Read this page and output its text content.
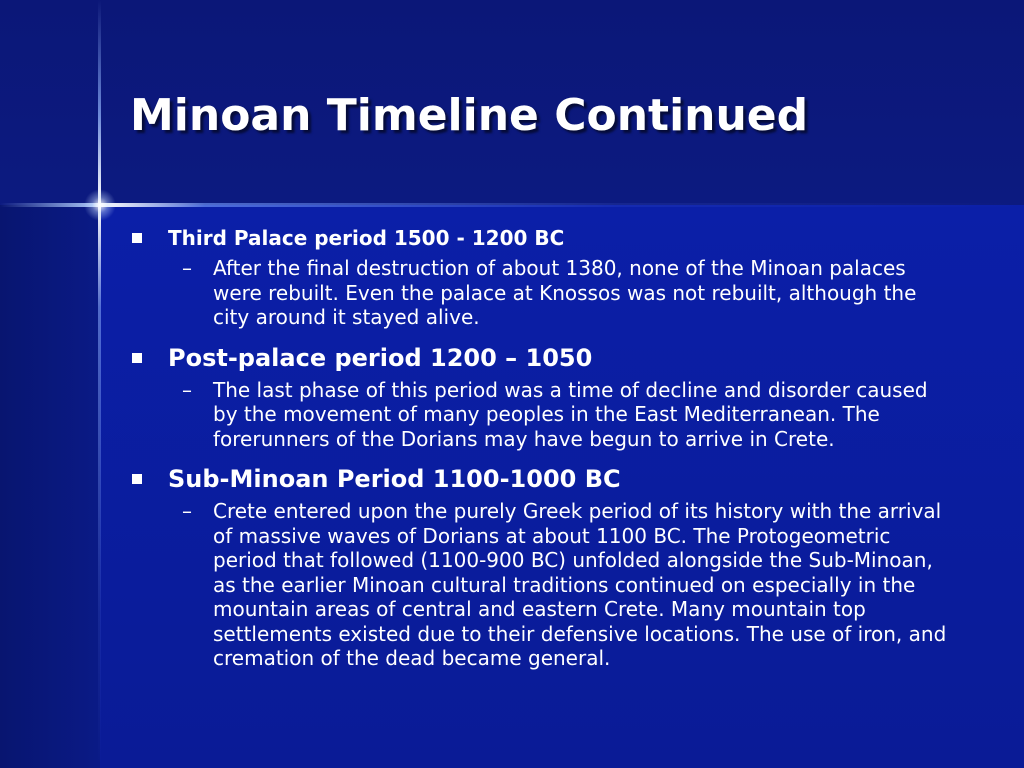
Minoan Timeline Continued
Third Palace period 1500 - 1200 BC
–	After the final destruction of about 1380, none of the Minoan palaces were rebuilt. Even the palace at Knossos was not rebuilt, although the city around it stayed alive.
Post-palace period 1200 – 1050
–	The last phase of this period was a time of decline and disorder caused by the movement of many peoples in the East Mediterranean. The forerunners of the Dorians may have begun to arrive in Crete.
Sub-Minoan Period 1100-1000 BC
–	Crete entered upon the purely Greek period of its history with the arrival of massive waves of Dorians at about 1100 BC. The Protogeometric period that followed (1100-900 BC) unfolded alongside the Sub-Minoan, as the earlier Minoan cultural traditions continued on especially in the mountain areas of central and eastern Crete. Many mountain top settlements existed due to their defensive locations. The use of iron, and cremation of the dead became general.
